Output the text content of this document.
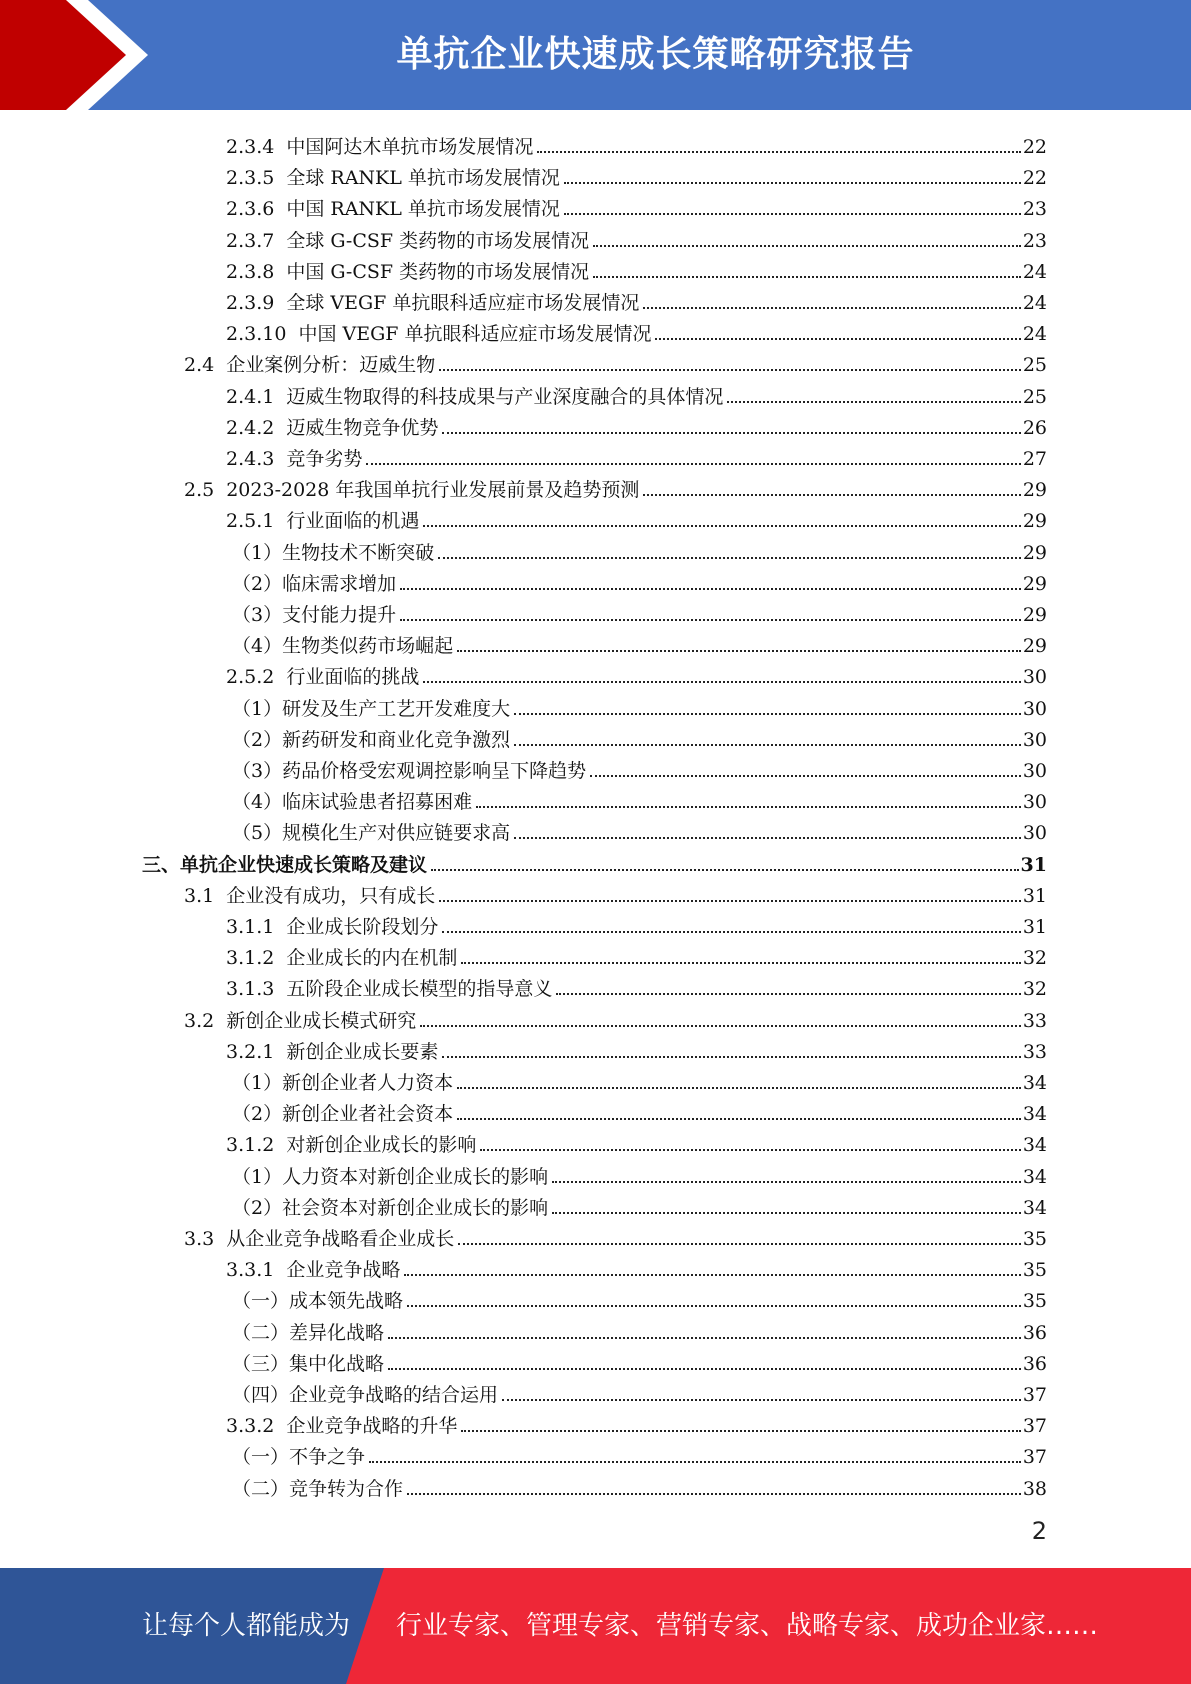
单抗企业快速成长策略研究报告
2.3.4 中国阿达木单抗市场发展情况	22
2.3.5 全球 RANKL 单抗市场发展情况	22
2.3.6 中国 RANKL 单抗市场发展情况	23
2.3.7 全球 G-CSF 类药物的市场发展情况	23
2.3.8 中国 G-CSF 类药物的市场发展情况	24
2.3.9 全球 VEGF 单抗眼科适应症市场发展情况	24
2.3.10 中国 VEGF 单抗眼科适应症市场发展情况	24
2.4 企业案例分析：迈威生物	25
2.4.1 迈威生物取得的科技成果与产业深度融合的具体情况	25
2.4.2 迈威生物竞争优势	26
2.4.3 竞争劣势	27
2.5 2023-2028 年我国单抗行业发展前景及趋势预测	29
2.5.1 行业面临的机遇	29
（1） 生物技术不断突破	29
（2） 临床需求增加	29
（3） 支付能力提升	29
（4） 生物类似药市场崛起	29
2.5.2 行业面临的挑战	30
（1） 研发及生产工艺开发难度大	30
（2） 新药研发和商业化竞争激烈	30
（3） 药品价格受宏观调控影响呈下降趋势	30
（4） 临床试验患者招募困难	30
（5） 规模化生产对供应链要求高	30
三、 单抗企业快速成长策略及建议	31
3.1 企业没有成功，只有成长	31
3.1.1 企业成长阶段划分	31
3.1.2 企业成长的内在机制	32
3.1.3 五阶段企业成长模型的指导意义	32
3.2 新创企业成长模式研究	33
3.2.1 新创企业成长要素	33
（1） 新创企业者人力资本	34
（2） 新创企业者社会资本	34
3.1.2 对新创企业成长的影响	34
（1） 人力资本对新创企业成长的影响	34
（2） 社会资本对新创企业成长的影响	34
3.3 从企业竞争战略看企业成长	35
3.3.1 企业竞争战略	35
（一） 成本领先战略	35
（二） 差异化战略	36
（三） 集中化战略	36
（四） 企业竞争战略的结合运用	37
3.3.2 企业竞争战略的升华	37
（一） 不争之争	37
（二） 竞争转为合作	38
2
让每个人都能成为 行业专家、管理专家、营销专家、战略专家、成功企业家……
